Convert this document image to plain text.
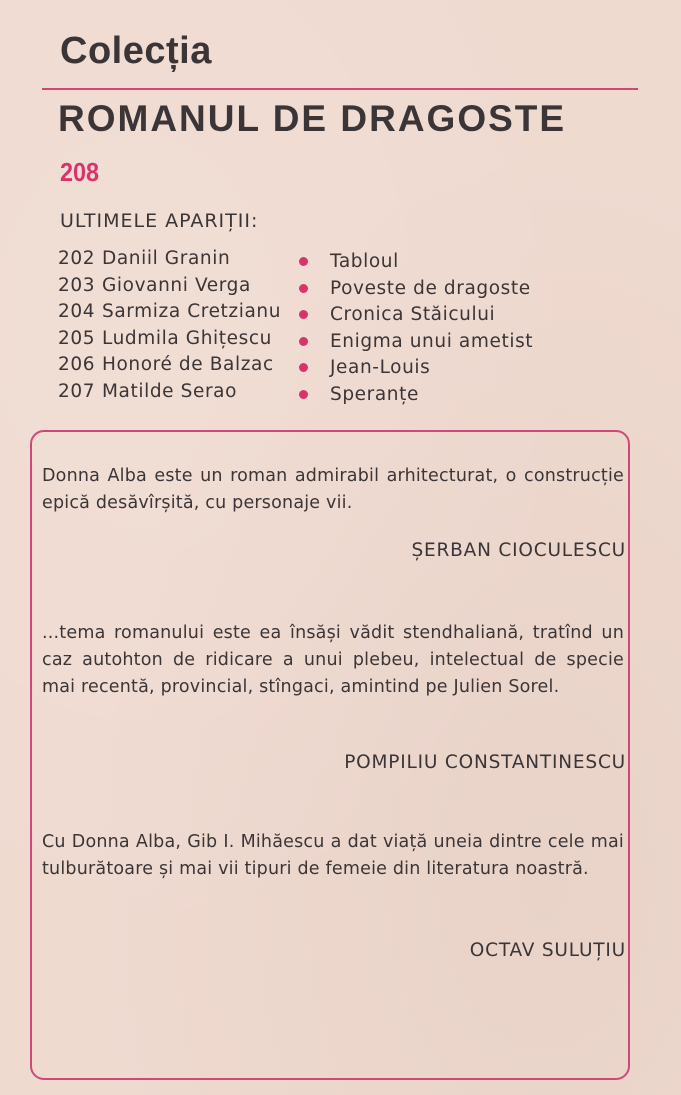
Colecția
ROMANUL DE DRAGOSTE
208
ULTIMELE APARIȚII:
202 Daniil Granin	Tabloul
203 Giovanni Verga	Poveste de dragoste
204 Sarmiza Cretzianu	Cronica Stăicului
205 Ludmila Ghițescu	Enigma unui ametist
206 Honoré de Balzac	Jean-Louis
207 Matilde Serao	Speranțe
Donna Alba este un roman admirabil arhitecturat, o construcție epică desăvîrșită, cu personaje vii.
ȘERBAN CIOCULESCU
...tema romanului este ea însăși vădit stendhaliană, tratînd un caz autohton de ridicare a unui plebeu, intelectual de specie mai recentă, provincial, stîngaci, amintind pe Julien Sorel.
POMPILIU CONSTANTINESCU
Cu Donna Alba, Gib I. Mihăescu a dat viață uneia dintre cele mai tulburătoare și mai vii tipuri de femeie din literatura noastră.
OCTAV SULUȚIU
